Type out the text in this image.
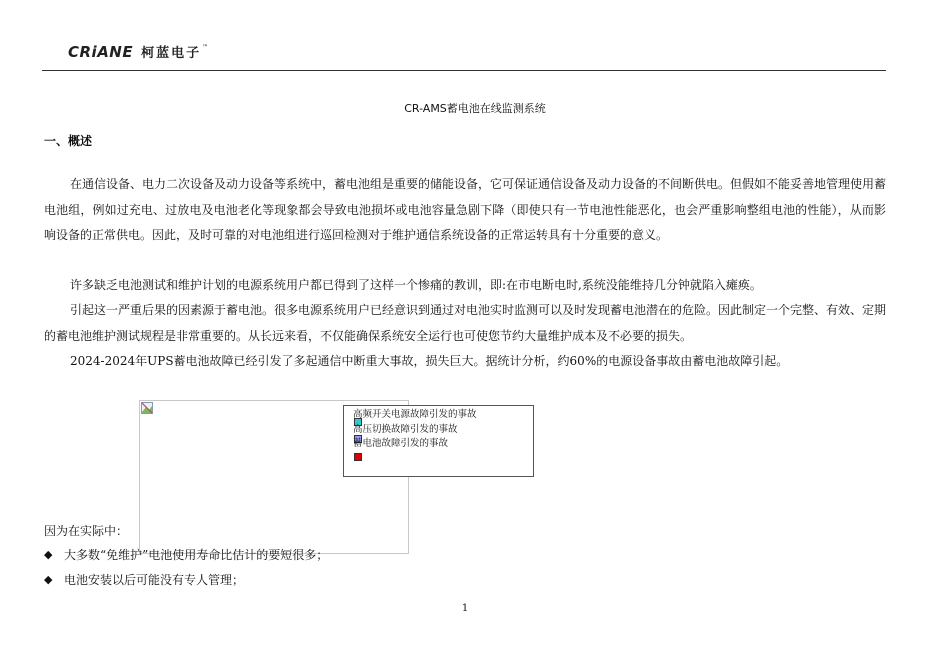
CRiANE 柯蓝电子 ™
CR-AMS蓄电池在线监测系统
一、概述
在通信设备、电力二次设备及动力设备等系统中，蓄电池组是重要的储能设备，它可保证通信设备及动力设备的不间断供电。但假如不能妥善地管理使用蓄电池组，例如过充电、过放电及电池老化等现象都会导致电池损坏或电池容量急剧下降（即使只有一节电池性能恶化，也会严重影响整组电池的性能），从而影响设备的正常供电。因此，及时可靠的对电池组进行巡回检测对于维护通信系统设备的正常运转具有十分重要的意义。
许多缺乏电池测试和维护计划的电源系统用户都已得到了这样一个惨痛的教训，即:在市电断电时,系统没能维持几分钟就陷入瘫痪。
引起这一严重后果的因素源于蓄电池。很多电源系统用户已经意识到通过对电池实时监测可以及时发现蓄电池潜在的危险。因此制定一个完整、有效、定期的蓄电池维护测试规程是非常重要的。从长远来看，不仅能确保系统安全运行也可使您节约大量维护成本及不必要的损失。
2024-2024年UPS蓄电池故障已经引发了多起通信中断重大事故，损失巨大。据统计分析，约60%的电源设备事故由蓄电池故障引起。
高频开关电源故障引发的事故
高压切换故障引发的事故
蓄电池故障引发的事故
因为在实际中：
◆ 大多数“免维护”电池使用寿命比估计的要短很多；
◆ 电池安装以后可能没有专人管理；
1
